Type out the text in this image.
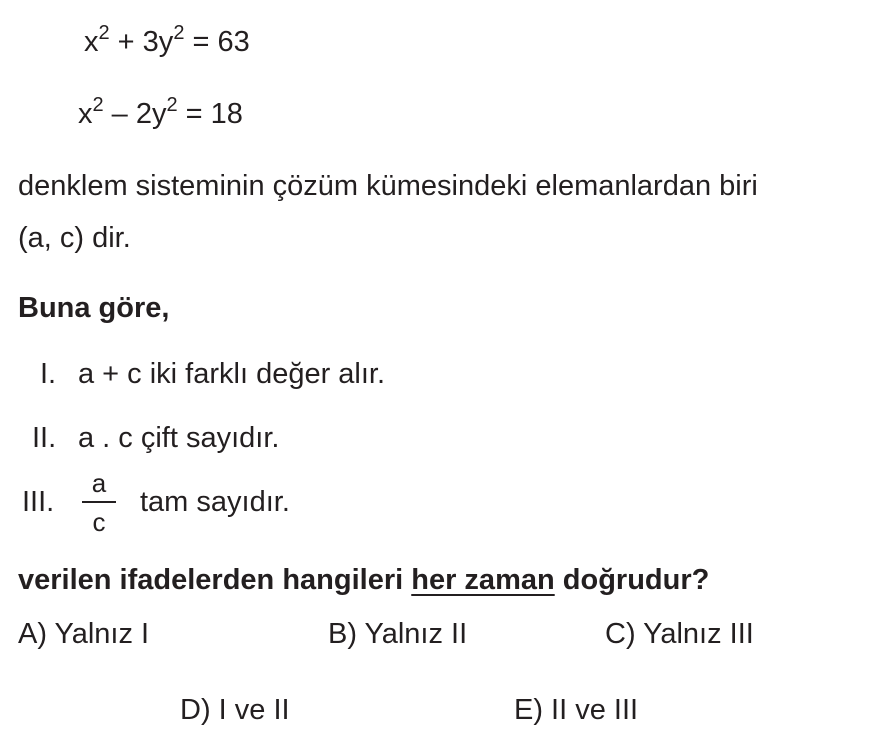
$x^2 + 3y^2 = 63$
$x^2 - 2y^2 = 18$
denklem sisteminin çözüm kümesindeki elemanlardan biri
(a, c) dir.
Buna göre,
I. a + c iki farklı değer alır.
II. a . c çift sayıdır.
III. $\frac{a}{c}$ tam sayıdır.
verilen ifadelerden hangileri her zaman doğrudur?
A) Yalnız I	B) Yalnız II	C) Yalnız III
D) I ve II	E) II ve III
